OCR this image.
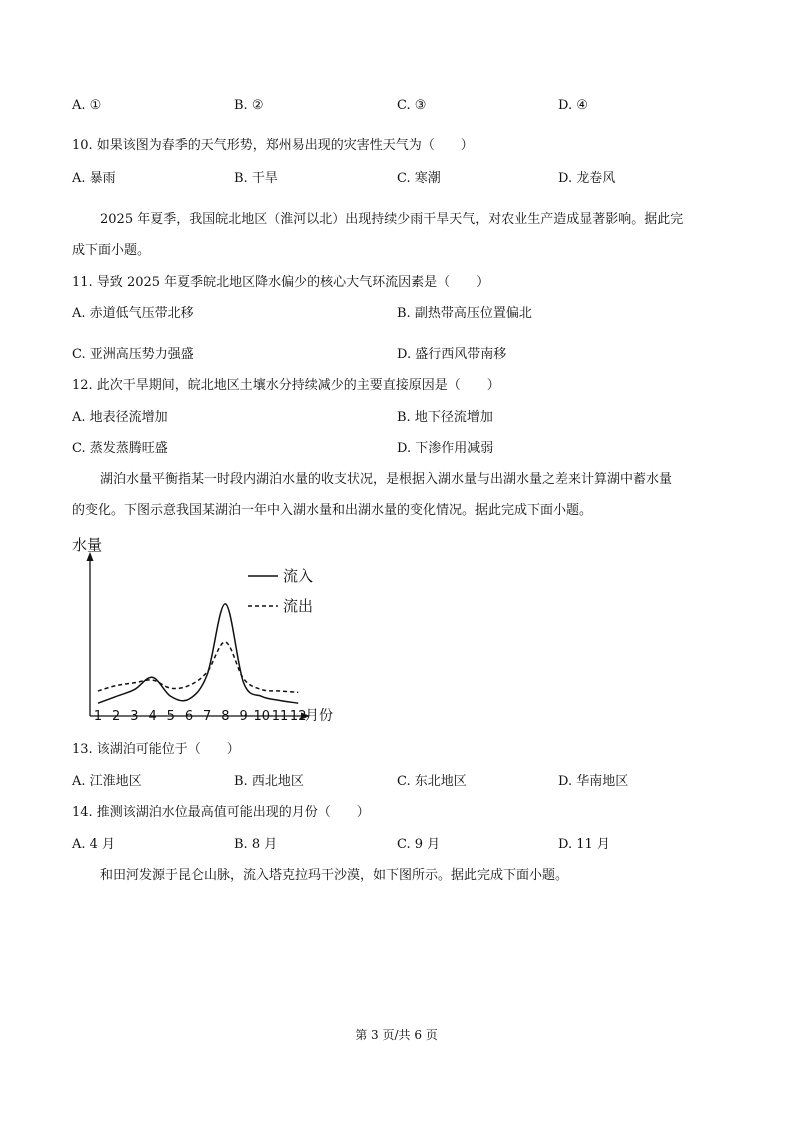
A. ①	B. ②	C. ③	D. ④
10. 如果该图为春季的天气形势，郑州易出现的灾害性天气为（　　）
A. 暴雨	B. 干旱	C. 寒潮	D. 龙卷风
2025 年夏季，我国皖北地区（淮河以北）出现持续少雨干旱天气，对农业生产造成显著影响。据此完
成下面小题。
11. 导致 2025 年夏季皖北地区降水偏少的核心大气环流因素是（　　）
A. 赤道低气压带北移	B. 副热带高压位置偏北
C. 亚洲高压势力强盛	D. 盛行西风带南移
12. 此次干旱期间，皖北地区土壤水分持续减少的主要直接原因是（　　）
A. 地表径流增加	B. 地下径流增加
C. 蒸发蒸腾旺盛	D. 下渗作用减弱
湖泊水量平衡指某一时段内湖泊水量的收支状况，是根据入湖水量与出湖水量之差来计算湖中蓄水量
的变化。下图示意我国某湖泊一年中入湖水量和出湖水量的变化情况。据此完成下面小题。
水量
月份
1 2 3 4 5 6 7 8 9 10 11 12
流入
流出
13. 该湖泊可能位于（　　）
A. 江淮地区	B. 西北地区	C. 东北地区	D. 华南地区
14. 推测该湖泊水位最高值可能出现的月份（　　）
A. 4 月	B. 8 月	C. 9 月	D. 11 月
和田河发源于昆仑山脉，流入塔克拉玛干沙漠，如下图所示。据此完成下面小题。
第 3 页/共 6 页
